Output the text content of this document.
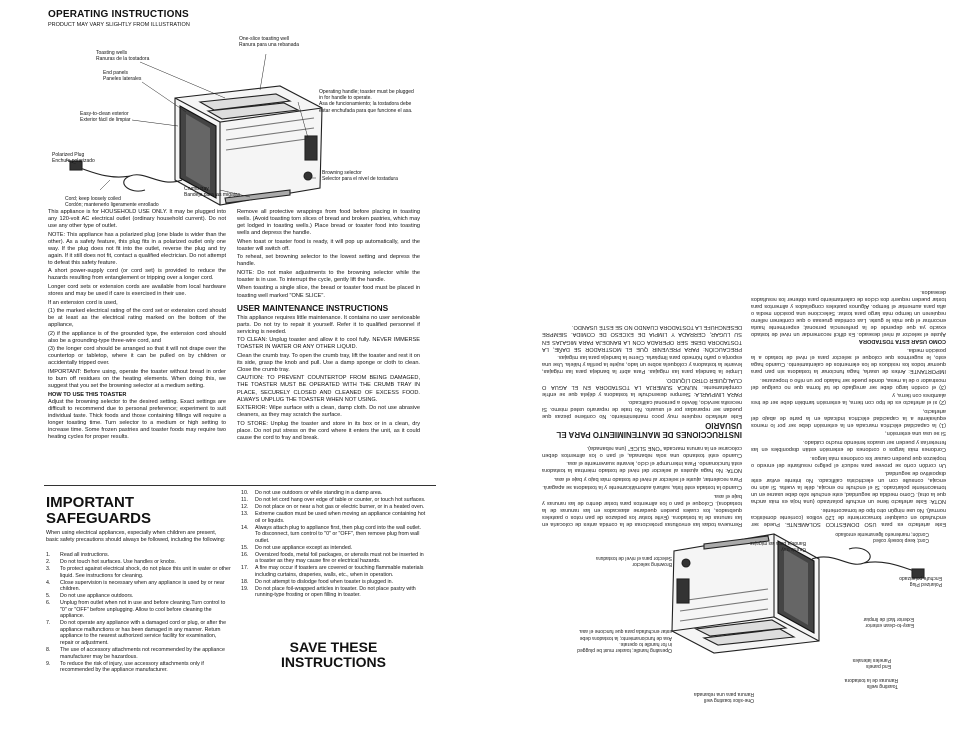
OPERATING INSTRUCTIONS
PRODUCT MAY VARY SLIGHTLY FROM ILLUSTRATION
Toasting wells
Ranuras de la tostadora
One-slice toasting well
Ranura para una rebanada
End panels
Paneles laterales
Easy-to-clean exterior
Exterior fácil de limpiar
Operating handle; toaster must be plugged in for handle to operate.
Asa de funcionamiento; la tostadora debe estar enchufada para que funcione el asa.
Polarized Plug
Enchufe polarizado
Browning selector
Selector para el nivel de tostadura
Crumb tray
Bandeja para las migajas
Cord; keep loosely coiled
Cordón; mantenerlo ligeramente enrollado

This appliance is for HOUSEHOLD USE ONLY. It may be plugged into any 120-volt AC electrical outlet (ordinary household current). Do not use any other type of outlet.

NOTE: This appliance has a polarized plug (one blade is wider than the other). As a safety feature, this plug fits in a polarized outlet only one way. If the plug does not fit into the outlet, reverse the plug and try again. If it still does not fit, contact a qualified electrician. Do not attempt to defeat this safety feature.

A short power-supply cord (or cord set) is provided to reduce the hazards resulting from entanglement or tripping over a longer cord.

Longer cord sets or extension cords are available from local hardware stores and may be used if care is exercised in their use.

If an extension cord is used,

(1) the marked electrical rating of the cord set or extension cord should be at least as the electrical rating marked on the bottom of the appliance,

(2) if the appliance is of the grounded type, the extension cord should also be a grounding-type three-wire cord, and

(3) the longer cord should be arranged so that it will not drape over the countertop or tabletop, where it can be pulled on by children or accidentally tripped over.

IMPORTANT: Before using, operate the toaster without bread in order to burn off residues on the heating elements. When doing this, we suggest that you set the browning selector at a medium setting.

HOW TO USE THIS TOASTER

Adjust the browning selector to the desired setting. Exact settings are difficult to recommend due to personal preference; experiment to suit individual taste. Thick foods and those containing fillings will require a longer toasting time. Turn selector to a medium or high setting to increase time. Some frozen pastries and toaster foods may require two heating cycles for proper results.

Remove all protective wrappings from food before placing in toasting wells. (Avoid toasting torn slices of bread and broken pastries, which may get lodged in toasting wells.) Place bread or toaster food into toasting wells and depress the handle.

When toast or toaster food is ready, it will pop up automatically, and the toaster will switch off.

To reheat, set browning selector to the lowest setting and depress the handle.

NOTE: Do not make adjustments to the browning selector while the toaster is in use. To interrupt the cycle, gently lift the handle.

When toasting a single slice, the bread or toaster food must be placed in toasting well marked "ONE SLICE".

USER MAINTENANCE INSTRUCTIONS

This appliance requires little maintenance. It contains no user serviceable parts. Do not try to repair it yourself. Refer it to qualified personnel if servicing is needed.

TO CLEAN: Unplug toaster and allow it to cool fully. NEVER IMMERSE TOASTER IN WATER OR ANY OTHER LIQUID.

Clean the crumb tray. To open the crumb tray, lift the toaster and rest it on its side, grasp the knob and pull. Use a damp sponge or cloth to clean. Close the crumb tray.

CAUTION: TO PREVENT COUNTERTOP FROM BEING DAMAGED, THE TOASTER MUST BE OPERATED WITH THE CRUMB TRAY IN PLACE, SECURELY CLOSED AND CLEANED OF EXCESS FOOD. ALWAYS UNPLUG THE TOASTER WHEN NOT USING.

EXTERIOR: Wipe surface with a clean, damp cloth. Do not use abrasive cleaners, as they may scratch the surface.

TO STORE: Unplug the toaster and store in its box or in a clean, dry place. Do not put stress on the cord where it enters the unit, as it could cause the cord to fray and break.

IMPORTANT SAFEGUARDS
When using electrical appliances, especially when children are present, basic safety precautions should always be followed, including the following:
1. Read all instructions.
2. Do not touch hot surfaces. Use handles or knobs.
3. To protect against electrical shock, do not place this unit in water or other liquid. See instructions for cleaning.
4. Close supervision is necessary when any appliance is used by or near children.
5. Do not use appliance outdoors.
6. Unplug from outlet when not in use and before cleaning.Turn control to "0" or "OFF" before unplugging. Allow to cool before cleaning the appliance.
7. Do not operate any appliance with a damaged cord or plug, or after the appliance malfunctions or has been damaged in any manner. Return appliance to the nearest authorized service facility for examination, repair or adjustment.
8. The use of accessory attachments not recommended by the appliance manufacturer may be hazardous.
9. To reduce the risk of injury, use accessory attachments only if recommended by the appliance manufacturer.
10. Do not use outdoors or while standing in a damp area.
11. Do not let cord hang over edge of table or counter, or touch hot surfaces.
12. Do not place on or near a hot gas or electric burner, or in a heated oven.
13. Extreme caution must be used when moving an appliance containing hot oil or liquids.
14. Always attach plug to appliance first, then plug cord into the wall outlet. To disconnect, turn control to "0" or "OFF", then remove plug from wall outlet.
15. Do not use appliance except as intended.
16. Oversized foods, metal foil packages, or utensils must not be inserted in a toaster as they may cause fire or electrical hazards.
17. A fire may occur if toasters are covered or touching flammable materials including curtains, draperies, walls, etc., when in operation.
18. Do not attempt to dislodge food when toaster is plugged in.
19. Do not place foil-wrapped articles in toaster. Do not place pastry with running-type frosting or open filling in toaster.
SAVE THESE INSTRUCTIONS
Toasting wells
Ranuras de la tostadora
One-slice toasting well
Ranura para una rebanada
End panels
Paneles laterales
Easy-to-clean exterior
Exterior fácil de limpiar
Operating handle; toaster must be plugged in for handle to operate.
Asa de funcionamiento; la tostadora debe estar enchufada para que funcione el asa.
Polarized Plug
Enchufe polarizado
Browning selector
Selector para el nivel de tostadura
Crumb tray
Bandeja para las migajas	Cord; keep loosely coiled
Cordón; mantenerlo ligeramente enrollado

Este artefacto es para USO DOMÉSTICO SOLAMENTE. Puede ser enchufado en cualquier tomacorriente de 120 voltios (corriente doméstica normal). No use ningún otro tipo de tomacorriente.

NOTA: Este artefacto tiene un enchufe polarizado (una hoja es más ancha que la otra). Como medida de seguridad, este enchufe sólo debe usarse en un tomacorriente polarizado. Si el enchufe no encaja, déle la vuelta. Si aún no encaja, consulte con un electricista calificado. No intente evitar este dispositivo de seguridad.

Un cordón corto se provee para reducir el peligro resultante del enredo o tropiezos que pueden causar los cordones más largos.

Cordones más largos o cordones de extensión están disponibles en las ferreterías y pueden ser usados teniendo mucho cuidado.

Si se usa una extensión,

(1) la capacidad eléctrica marcada en la extensión debe ser por lo menos equivalente a la capacidad eléctrica indicada en la parte de abajo del artefacto,

(2) si el artefacto es de tipo con tierra, la extensión también debe ser de tres alambres con tierra, y

(3) el cordón largo debe ser arreglado de tal forma que no cuelgue del mostrador o de la mesa, donde puede ser halado por un niño o tropezarse.

IMPORTANTE: Antes de usarla, haga funcionar la tostadora sin pan para quemar todos los residuos de los elementos de calentamiento. Cuando haga esto, le sugerimos que coloque el selector para el nivel de tostado a la posición media.

COMO USAR ESTA TOSTADORA

Ajuste el selector al nivel deseado. Es difícil recomendar un nivel de tostado exacto ya que depende de la preferencia personal; experimente hasta encontrar el que más le guste. Las comidas gruesas o que contienen relleno requieren un tiempo más largo para tostar. Seleccione una posición media o alta para aumentar el tiempo. Algunos pasteles congelados y alimentos para tostar pueden requerir dos ciclos de calentamiento para obtener los resultados deseados.

Remueva todas las envolturas protectoras de la comida antes de colocarla en las ranuras de la tostadora. (Evite tostar los pedazos de pan rotos o pasteles quebrados, los cuales pueden quedarse atascados en las ranuras de la tostadora). Coloque el pan o los alimentos para tostar dentro de las ranuras y baje el asa.

Cuando la tostada esté lista, saltará automáticamente y la tostadora se apagará.

Para recalentar, ajuste el selector al nivel de tostado más bajo y baje el asa.

NOTA: No haga ajustes al selector del nivel de tostado mientras la tostadora está funcionando. Para interrumpir el ciclo, levante suavemente el asa.

Cuando esté tostando una sola rebanada, el pan o los alimentos deben colocarse en la ranura marcada "ONE SLICE" (una rebanada).

INSTRUCCIONES DE MANTENIMIENTO PARA EL USUARIO

Este artefacto requiere muy poco mantenimiento. No contiene piezas que puedan ser reparadas por el usuario. No trate de repararlo usted mismo. Si necesita servicio, llévelo a personal calificado.

PARA LIMPIARLA: Siempre desenchufe la tostadora y déjela que se enfríe completamente. NUNCA SUMERJA LA TOSTADORA EN EL AGUA O CUALQUIER OTRO LÍQUIDO.

Limpie la bandeja para las migajas. Para abrir la bandeja para las migajas, levante la tostadora y colóquela sobre un lado, sujete la perilla y hálela. Use una esponja o paño húmedo para limpiarla. Cierre la bandeja para las migajas.

PRECAUCIÓN: PARA PREVENIR QUE EL MOSTRADOR SE DAÑE, LA TOSTADORA DEBE SER OPERADA CON LA BANDEJA PARA MIGAJAS EN SU LUGAR, CERRADA Y LIMPIA DE EXCESO DE COMIDA. SIEMPRE DESENCHUFE LA TOSTADORA CUANDO NO SE ESTÉ USANDO.
